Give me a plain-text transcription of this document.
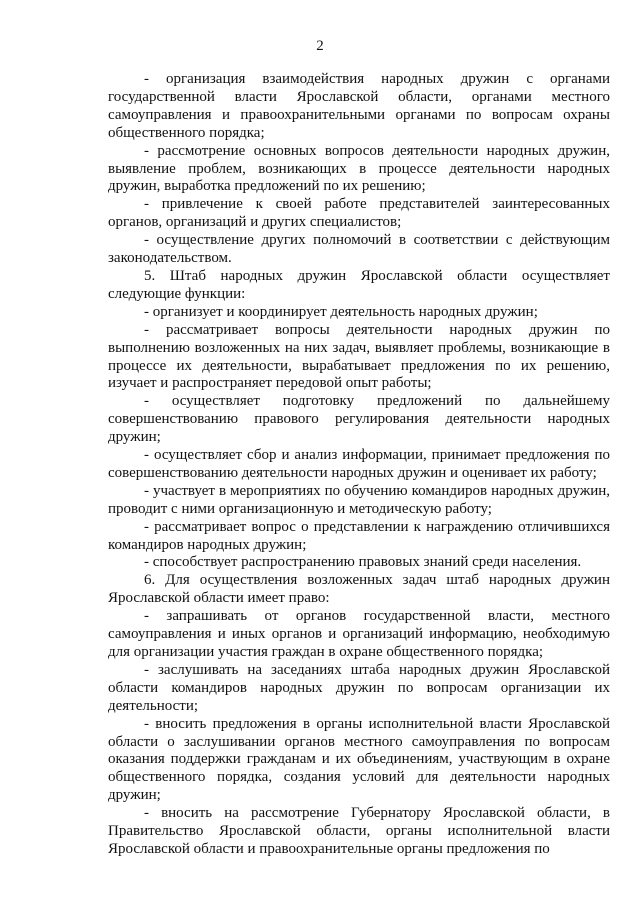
2

- организация взаимодействия народных дружин с органами государственной власти Ярославской области, органами местного самоуправления и правоохранительными органами по вопросам охраны общественного порядка;

- рассмотрение основных вопросов деятельности народных дружин, выявление проблем, возникающих в процессе деятельности народных дружин, выработка предложений по их решению;

- привлечение к своей работе представителей заинтересованных органов, организаций и других специалистов;

- осуществление других полномочий в соответствии с действующим законодательством.

5. Штаб народных дружин Ярославской области осуществляет следующие функции:

- организует и координирует деятельность народных дружин;

- рассматривает вопросы деятельности народных дружин по выполнению возложенных на них задач, выявляет проблемы, возникающие в процессе их деятельности, вырабатывает предложения по их решению, изучает и распространяет передовой опыт работы;

- осуществляет подготовку предложений по дальнейшему совершенствованию правового регулирования деятельности народных дружин;

- осуществляет сбор и анализ информации, принимает предложения по совершенствованию деятельности народных дружин и оценивает их работу;

- участвует в мероприятиях по обучению командиров народных дружин, проводит с ними организационную и методическую работу;

- рассматривает вопрос о представлении к награждению отличившихся командиров народных дружин;

- способствует распространению правовых знаний среди населения.

6. Для осуществления возложенных задач штаб народных дружин Ярославской области имеет право:

- запрашивать от органов государственной власти, местного самоуправления и иных органов и организаций информацию, необходимую для организации участия граждан в охране общественного порядка;

- заслушивать на заседаниях штаба народных дружин Ярославской области командиров народных дружин по вопросам организации их деятельности;

- вносить предложения в органы исполнительной власти Ярославской области о заслушивании органов местного самоуправления по вопросам оказания поддержки гражданам и их объединениям, участвующим в охране общественного порядка, создания условий для деятельности народных дружин;

- вносить на рассмотрение Губернатору Ярославской области, в Правительство Ярославской области, органы исполнительной власти Ярославской области и правоохранительные органы предложения по
